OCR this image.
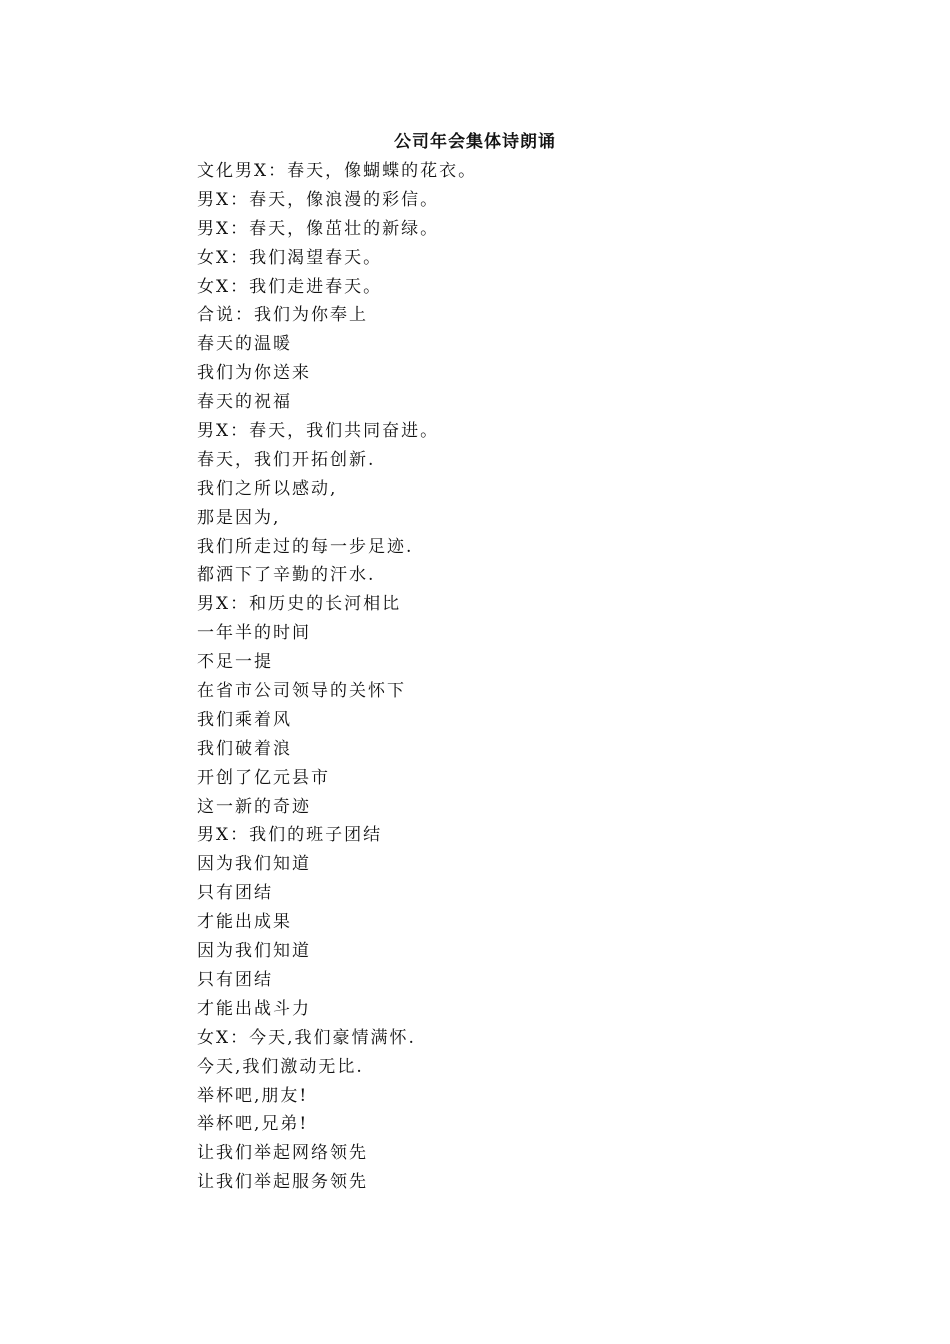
公司年会集体诗朗诵
文化男X：春天，像蝴蝶的花衣。
男X：春天，像浪漫的彩信。
男X：春天，像茁壮的新绿。
女X：我们渴望春天。
女X：我们走进春天。
合说：我们为你奉上
春天的温暖
我们为你送来
春天的祝福
男X：春天，我们共同奋进。
春天，我们开拓创新.
我们之所以感动,
那是因为,
我们所走过的每一步足迹.
都洒下了辛勤的汗水.
男X：和历史的长河相比
一年半的时间
不足一提
在省市公司领导的关怀下
我们乘着风
我们破着浪
开创了亿元县市
这一新的奇迹
男X：我们的班子团结
因为我们知道
只有团结
才能出成果
因为我们知道
只有团结
才能出战斗力
女X：今天,我们豪情满怀.
今天,我们激动无比.
举杯吧,朋友!
举杯吧,兄弟!
让我们举起网络领先
让我们举起服务领先
